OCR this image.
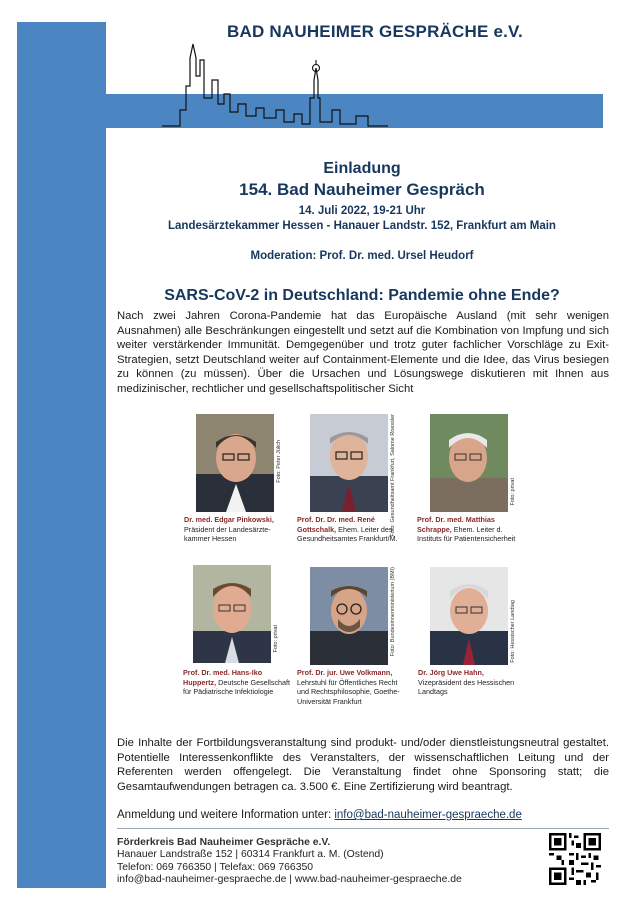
BAD NAUHEIMER GESPRÄCHE e.V.
Einladung
154. Bad Nauheimer Gespräch
14. Juli 2022, 19-21 Uhr
Landesärztekammer Hessen - Hanauer Landstr. 152, Frankfurt am Main
Moderation: Prof. Dr. med. Ursel Heudorf
SARS-CoV-2 in Deutschland: Pandemie ohne Ende?
Nach zwei Jahren Corona-Pandemie hat das Europäische Ausland (mit sehr wenigen Ausnahmen) alle Beschränkungen eingestellt und setzt auf die Kombination von Impfung und sich weiter verstärkender Immunität. Demgegenüber und trotz guter fachlicher Vorschläge zu Exit-Strategien, setzt Deutschland weiter auf Containment-Elemente und die Idee, das Virus besiegen zu können (zu müssen). Über die Ursachen und Lösungswege diskutieren mit Ihnen aus medizinischer, rechtlicher und gesellschaftspolitischer Sicht
Foto: Peter Jülich
Dr. med. Edgar Pinkowski, Präsident der Landesärzte-kammer Hessen
Foto: Gesundheitsamt Frankfurt, Salome Roessler
Prof. Dr. Dr. med. René Gottschalk, Ehem. Leiter des Gesundheitsamtes Frankfurt/M.
Foto: privat
Prof. Dr. med. Matthias Schrappe, Ehem. Leiter d. Instituts für Patientensicherheit
Foto: privat
Prof. Dr. med. Hans-Iko Huppertz, Deutsche Gesellschaft für Pädiatrische Infektiologie
Foto: Bundesinnenministerium (BMI)
Prof. Dr. jur. Uwe Volkmann, Lehrstuhl für Öffentliches Recht und Rechtsphilosophie, Goethe-Universität Frankfurt
Foto: Hessischer Landtag
Dr. Jörg Uwe Hahn, Vizepräsident des Hessischen Landtags
Die Inhalte der Fortbildungsveranstaltung sind produkt- und/oder dienstleistungsneutral gestaltet. Potentielle Interessenkonflikte des Veranstalters, der wissenschaftlichen Leitung und der Referenten werden offengelegt. Die Veranstaltung findet ohne Sponsoring statt; die Gesamtaufwendungen betragen ca. 3.500 €. Eine Zertifizierung wird beantragt.
Anmeldung und weitere Information unter: info@bad-nauheimer-gespraeche.de
Förderkreis Bad Nauheimer Gespräche e.V.
Hanauer Landstraße 152 | 60314 Frankfurt a. M. (Ostend)
Telefon: 069 766350 | Telefax: 069 766350
info@bad-nauheimer-gespraeche.de | www.bad-nauheimer-gespraeche.de
